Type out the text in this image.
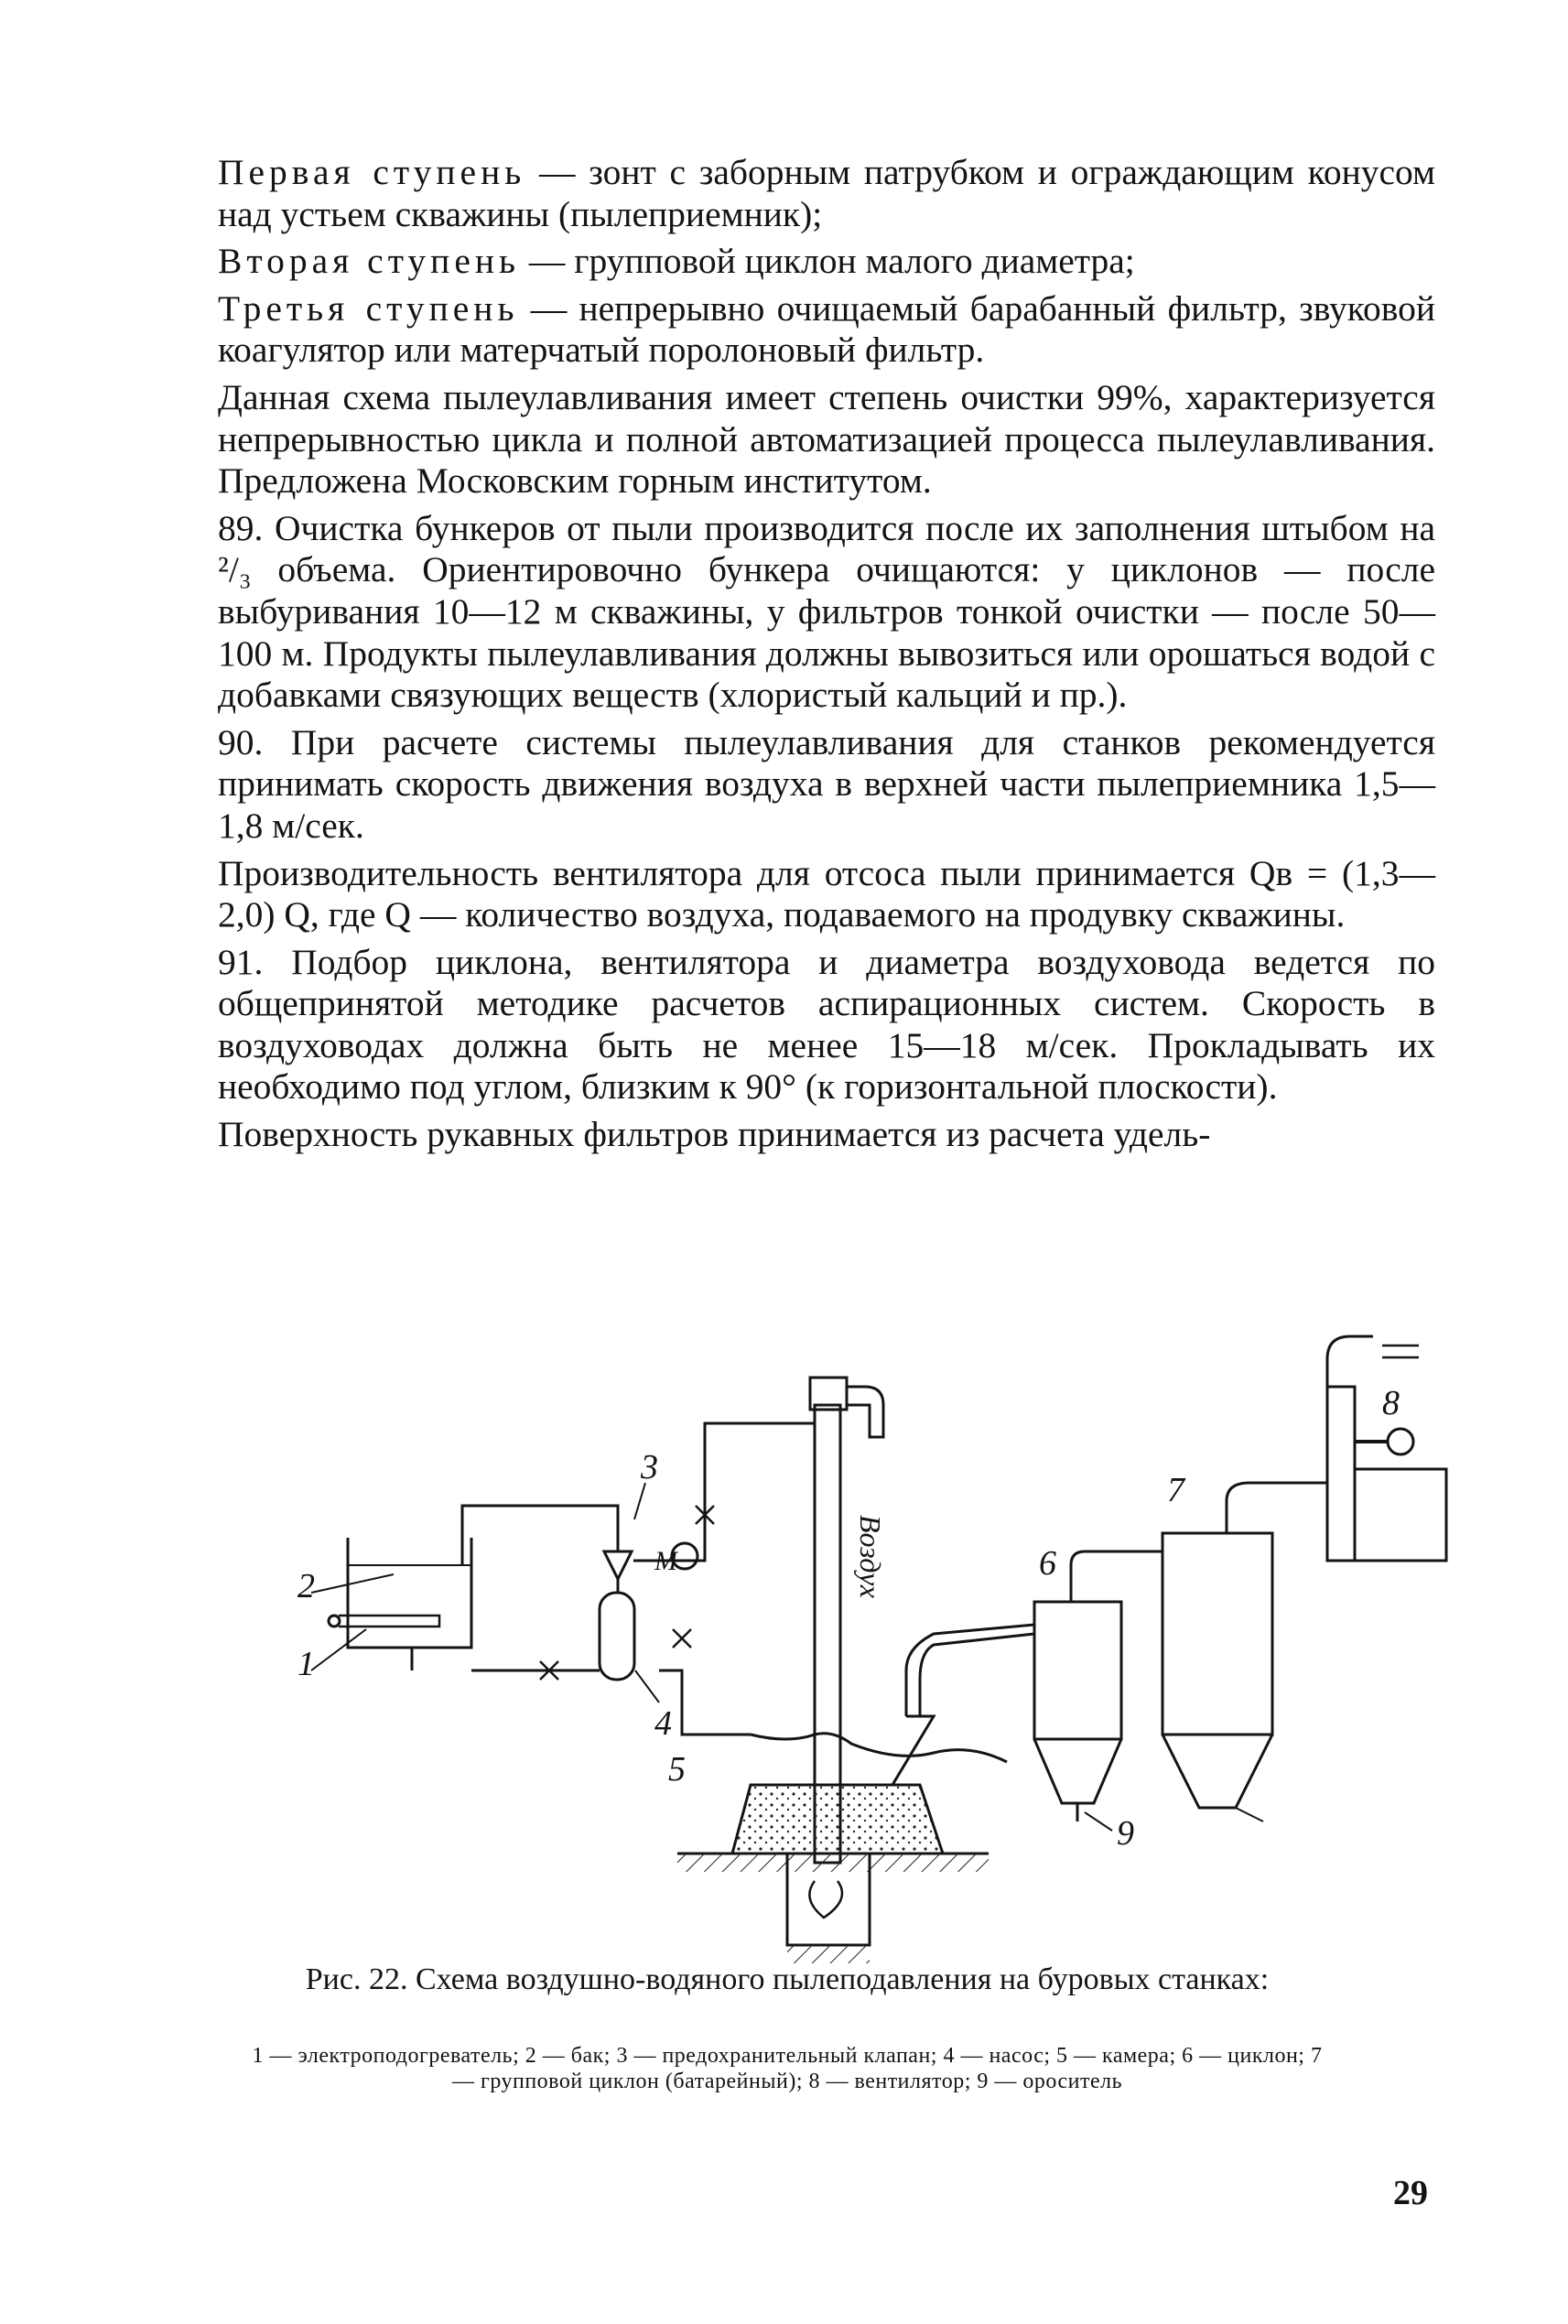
Первая ступень — зонт с заборным патрубком и ограждающим конусом над устьем скважины (пылеприемник);

Вторая ступень — групповой циклон малого диаметра;

Третья ступень — непрерывно очищаемый барабанный фильтр, звуковой коагулятор или матерчатый поролоновый фильтр.

Данная схема пылеулавливания имеет степень очистки 99%, характеризуется непрерывностью цикла и полной автоматизацией процесса пылеулавливания. Предложена Московским горным институтом.

89. Очистка бункеров от пыли производится после их заполнения штыбом на ²/₃ объема. Ориентировочно бункера очищаются: у циклонов — после выбуривания 10—12 м скважины, у фильтров тонкой очистки — после 50—100 м. Продукты пылеулавливания должны вывозиться или орошаться водой с добавками связующих веществ (хлористый кальций и пр.).

90. При расчете системы пылеулавливания для станков рекомендуется принимать скорость движения воздуха в верхней части пылеприемника 1,5—1,8 м/сек.

Производительность вентилятора для отсоса пыли принимается Qв = (1,3—2,0) Q, где Q — количество воздуха, подаваемого на продувку скважины.

91. Подбор циклона, вентилятора и диаметра воздуховода ведется по общепринятой методике расчетов аспирационных систем. Скорость в воздуховодах должна быть не менее 15—18 м/сек. Прокладывать их необходимо под углом, близким к 90° (к горизонтальной плоскости).

Поверхность рукавных фильтров принимается из расчета удель-

1
2
3
4
5
6
7
8
9
М	Воздух
Рис. 22. Схема воздушно-водяного пылеподавления на буровых станках:
1 — электроподогреватель; 2 — бак; 3 — предохранительный клапан; 4 — насос; 5 — камера; 6 — циклон; 7 — групповой циклон (батарейный); 8 — вентилятор; 9 — ороситель
29
